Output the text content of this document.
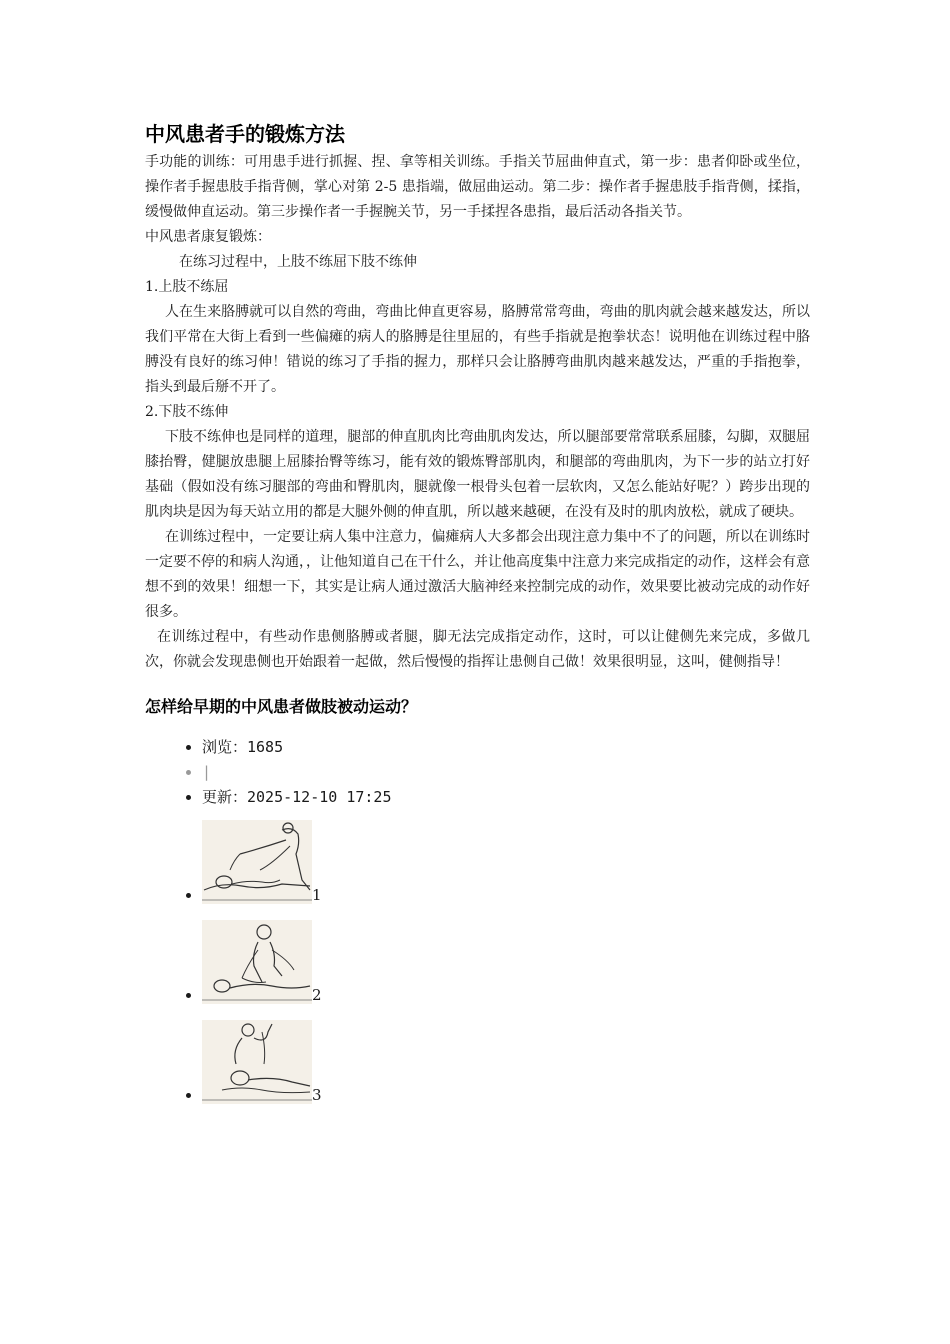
中风患者手的锻炼方法

手功能的训练：可用患手进行抓握、捏、拿等相关训练。手指关节屈曲伸直式，第一步：患者仰卧或坐位，操作者手握患肢手指背侧，掌心对第 2-5 患指端，做屈曲运动。第二步：操作者手握患肢手指背侧，揉指，缓慢做伸直运动。第三步操作者一手握腕关节，另一手揉捏各患指，最后活动各指关节。

中风患者康复锻炼：

在练习过程中，上肢不练屈下肢不练伸

1.上肢不练屈

人在生来胳膊就可以自然的弯曲，弯曲比伸直更容易，胳膊常常弯曲，弯曲的肌肉就会越来越发达，所以我们平常在大街上看到一些偏瘫的病人的胳膊是往里屈的，有些手指就是抱拳状态！说明他在训练过程中胳膊没有良好的练习伸！错说的练习了手指的握力，那样只会让胳膊弯曲肌肉越来越发达，严重的手指抱拳，指头到最后掰不开了。

2.下肢不练伸

下肢不练伸也是同样的道理，腿部的伸直肌肉比弯曲肌肉发达，所以腿部要常常联系屈膝，勾脚，双腿屈膝抬臀，健腿放患腿上屈膝抬臀等练习，能有效的锻炼臀部肌肉，和腿部的弯曲肌肉，为下一步的站立打好基础（假如没有练习腿部的弯曲和臀肌肉，腿就像一根骨头包着一层软肉，又怎么能站好呢？）跨步出现的肌肉块是因为每天站立用的都是大腿外侧的伸直肌，所以越来越硬，在没有及时的肌肉放松，就成了硬块。

在训练过程中，一定要让病人集中注意力，偏瘫病人大多都会出现注意力集中不了的问题，所以在训练时一定要不停的和病人沟通，，让他知道自己在干什么，并让他高度集中注意力来完成指定的动作，这样会有意想不到的效果！细想一下，其实是让病人通过激活大脑神经来控制完成的动作，效果要比被动完成的动作好很多。

在训练过程中，有些动作患侧胳膊或者腿，脚无法完成指定动作，这时，可以让健侧先来完成，多做几次，你就会发现患侧也开始跟着一起做，然后慢慢的指挥让患侧自己做！效果很明显，这叫，健侧指导！

怎样给早期的中风患者做肢被动运动？
• 浏览：1685
• |
• 更新：2025-12-10 17:25
• 1
• 2
• 3
